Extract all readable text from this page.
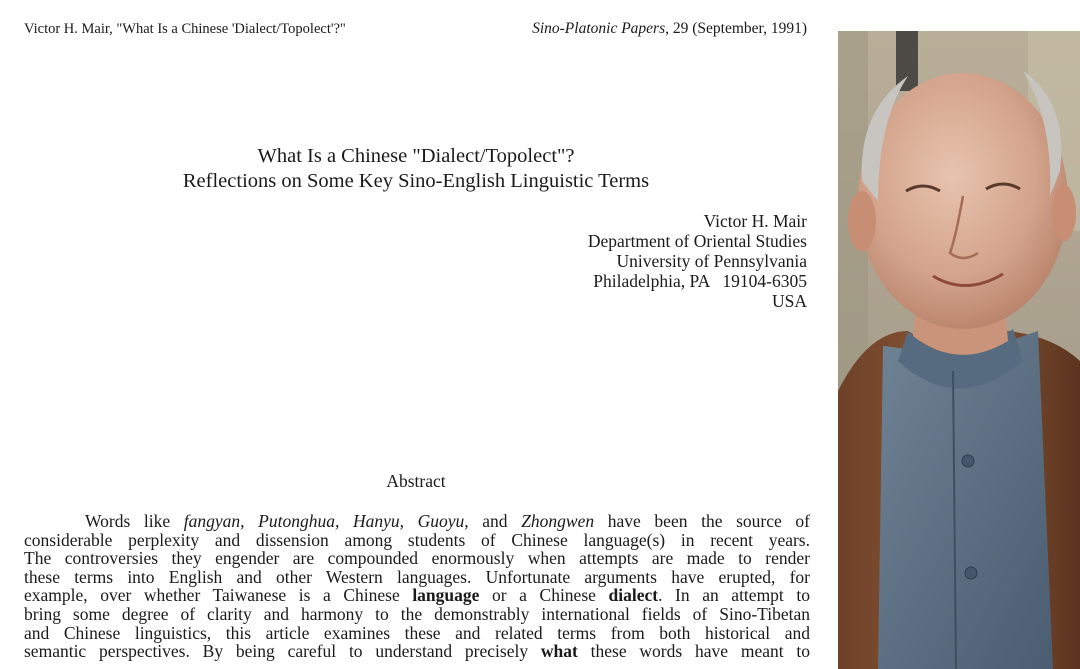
Victor H. Mair, "What Is a Chinese 'Dialect/Topolect'?"	Sino-Platonic Papers, 29 (September, 1991)
What Is a Chinese "Dialect/Topolect"?
Reflections on Some Key Sino-English Linguistic Terms
Victor H. Mair
Department of Oriental Studies
University of Pennsylvania
Philadelphia, PA   19104-6305
USA
Abstract
Words like fangyan, Putonghua, Hanyu, Guoyu, and Zhongwen have been the source of
considerable perplexity and dissension among students of Chinese language(s) in recent years.
The controversies they engender are compounded enormously when attempts are made to render
these terms into English and other Western languages. Unfortunate arguments have erupted, for
example, over whether Taiwanese is a Chinese language or a Chinese dialect. In an attempt to
bring some degree of clarity and harmony to the demonstrably international fields of Sino-Tibetan
and Chinese linguistics, this article examines these and related terms from both historical and
semantic perspectives. By being careful to understand precisely what these words have meant to
